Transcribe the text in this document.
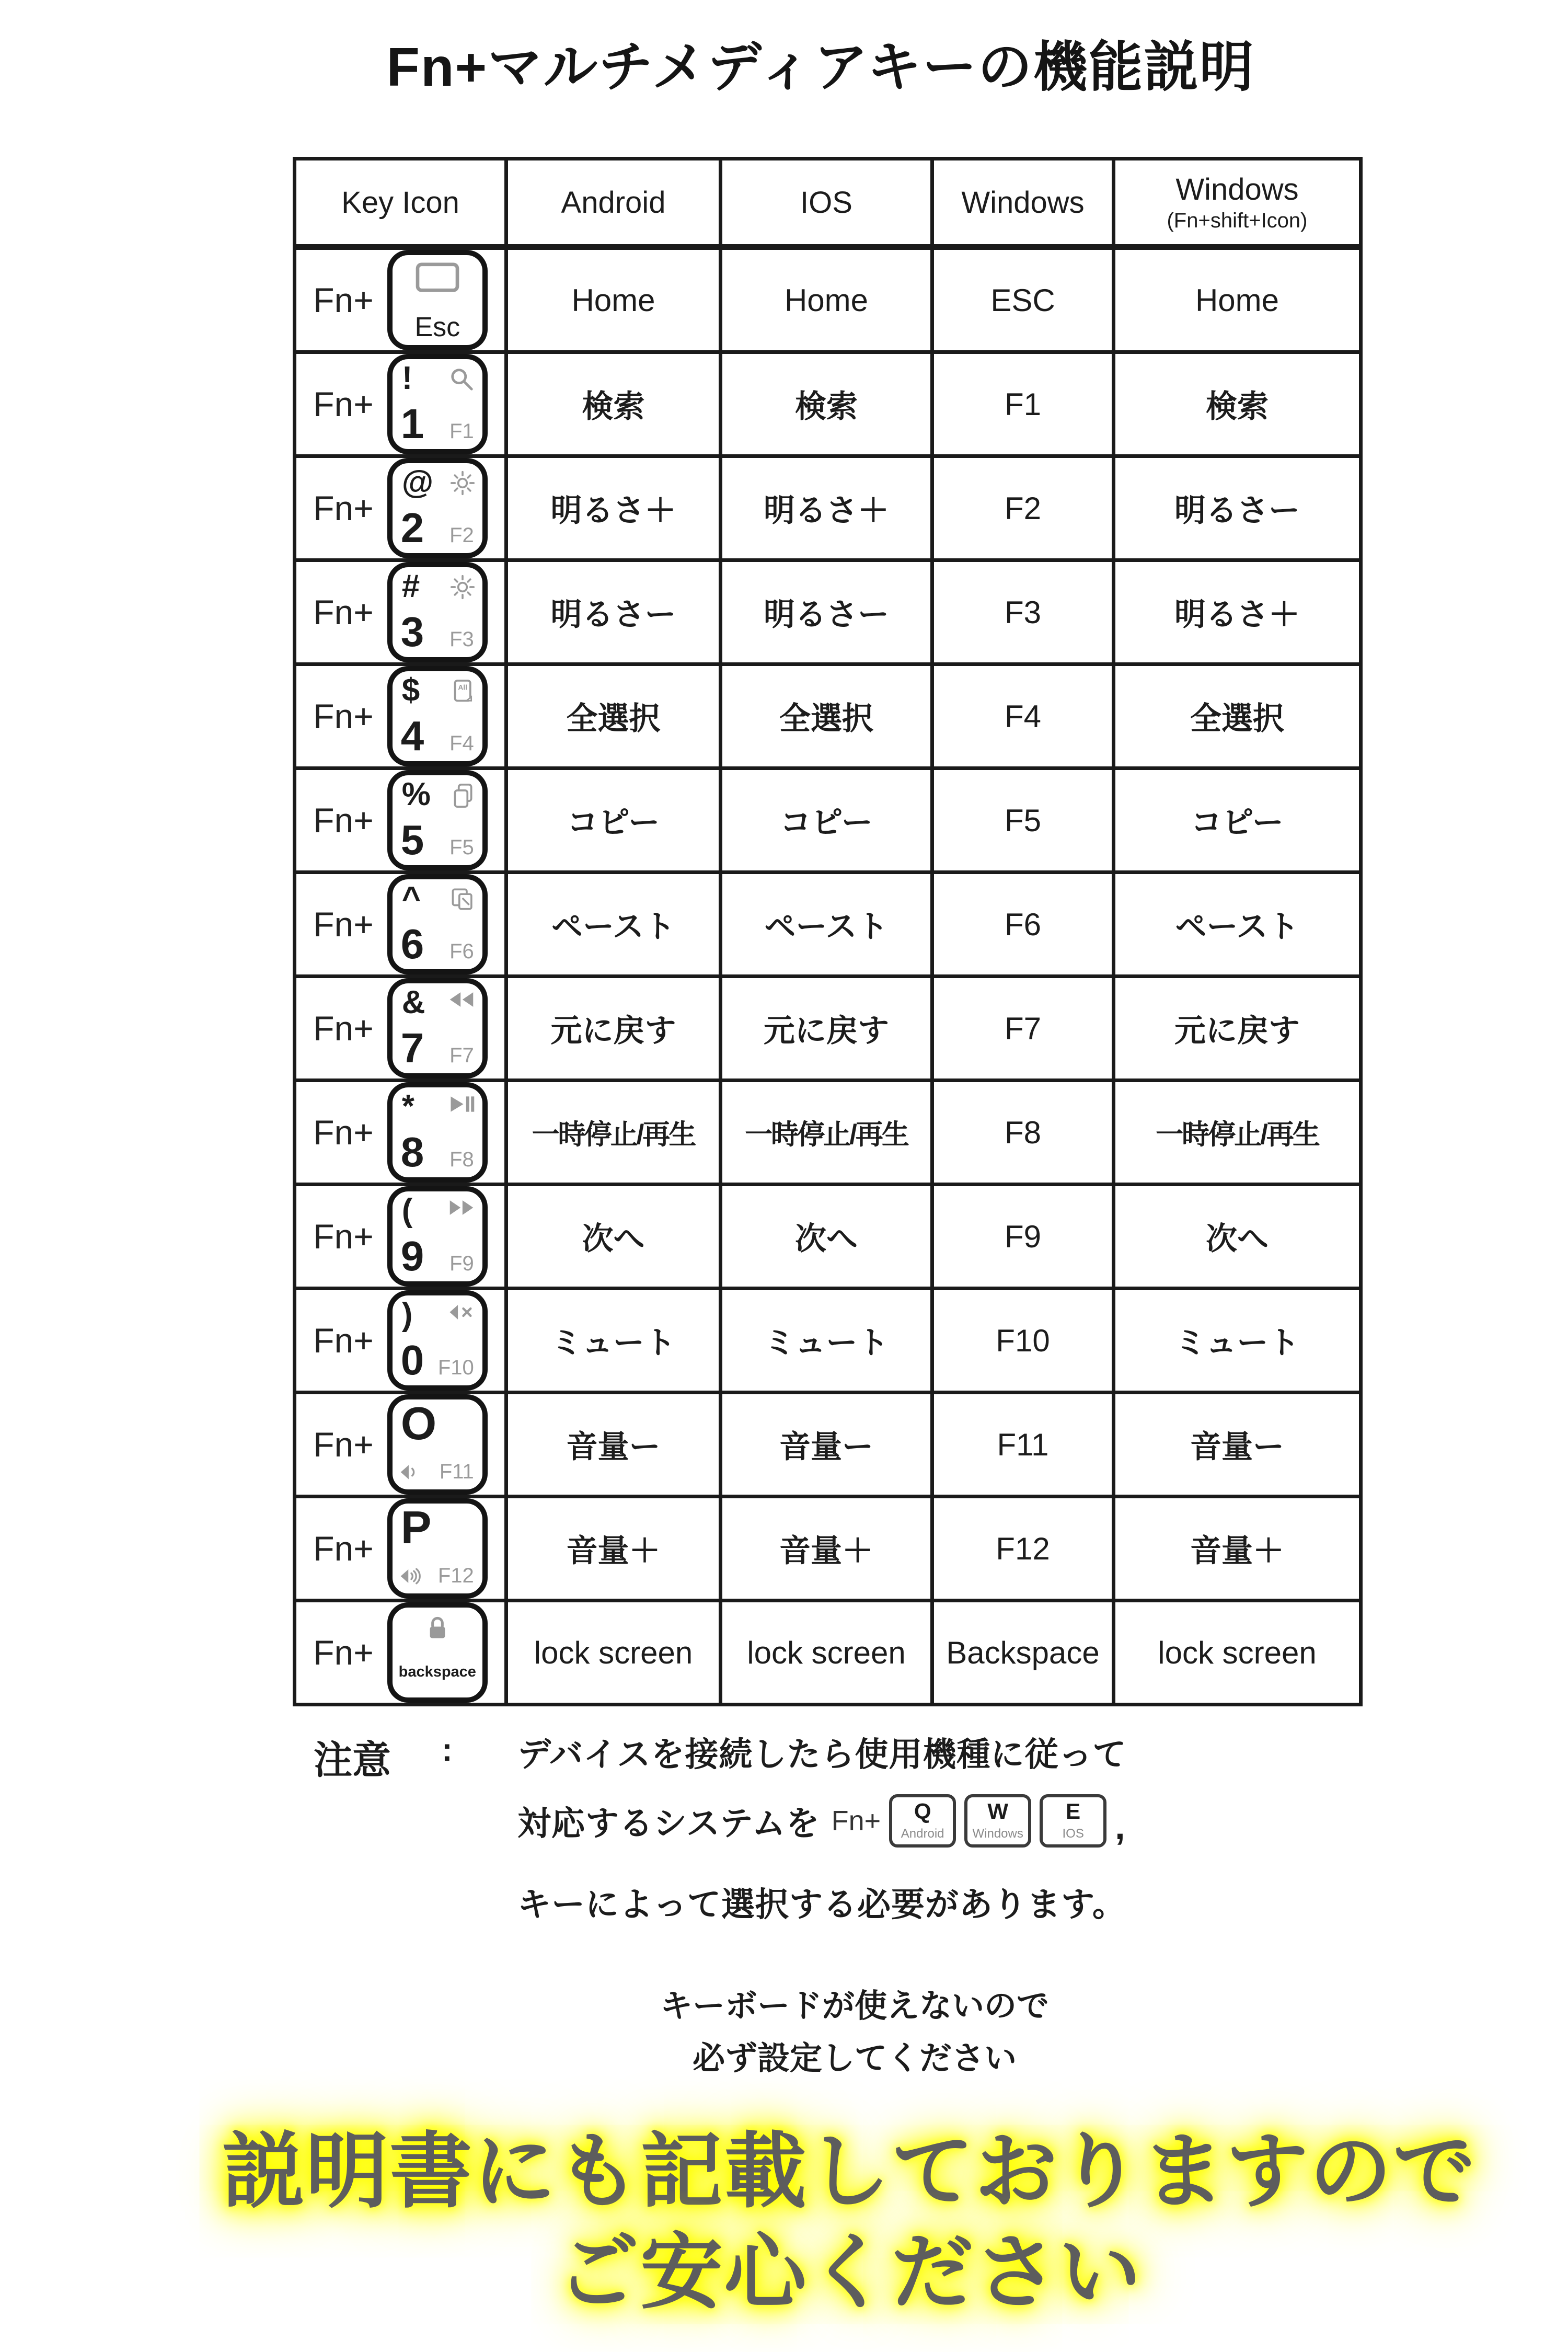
Fn+マルチメディアキーの機能説明
Key Icon	Android	IOS	Windows	Windows
(Fn+shift+Icon)

Fn+
Esc	Home	Home	ESC	Home

Fn+
!
1 F1	検索	検索	F1	検索

Fn+
@
2 F2	明るさ＋	明るさ＋	F2	明るさー

Fn+
#
3 F3	明るさー	明るさー	F3	明るさ＋

Fn+
$ All
4 F4	全選択	全選択	F4	全選択

Fn+
%
5 F5	コピー	コピー	F5	コピー

Fn+
^
6 F6	ペースト	ペースト	F6	ペースト

Fn+
&
7 F7	元に戻す	元に戻す	F7	元に戻す

Fn+
*
8 F8	一時停止/再生	一時停止/再生	F8	一時停止/再生

Fn+
(
9 F9	次へ	次へ	F9	次へ

Fn+
)
0 F10	ミュート	ミュート	F10	ミュート

Fn+ O
F11	音量ー	音量ー	F11	音量ー

Fn+ P
F12	音量＋	音量＋	F12	音量＋

Fn+ backspace	lock screen	lock screen	Backspace	lock screen
注意 : デバイスを接続したら使用機種に従って
対応するシステムを Fn+ Q
Android
W
Windows
E
IOS ,
キーによって選択する必要があります。
キーボードが使えないので
必ず設定してください
説明書にも記載しておりますので
ご安心ください
